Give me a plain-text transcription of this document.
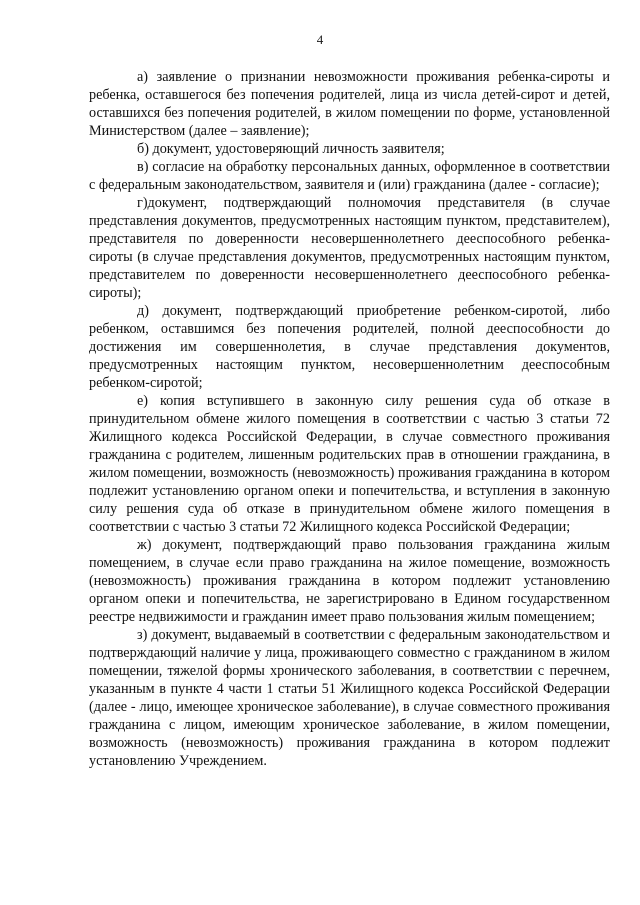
4

а) заявление о признании невозможности проживания ребенка-сироты и ребенка, оставшегося без попечения родителей, лица из числа детей-сирот и детей, оставшихся без попечения родителей, в жилом помещении по форме, установленной Министерством (далее – заявление);

б) документ, удостоверяющий личность заявителя;

в) согласие на обработку персональных данных, оформленное в соответствии с федеральным законодательством, заявителя и (или) гражданина (далее - согласие);

г)документ, подтверждающий полномочия представителя (в случае представления документов, предусмотренных настоящим пунктом, представителем), представителя по доверенности несовершеннолетнего дееспособного ребенка-сироты (в случае представления документов, предусмотренных настоящим пунктом, представителем по доверенности несовершеннолетнего дееспособного ребенка-сироты);

д) документ, подтверждающий приобретение ребенком-сиротой, либо ребенком, оставшимся без попечения родителей, полной дееспособности до достижения им совершеннолетия, в случае представления документов, предусмотренных настоящим пунктом, несовершеннолетним дееспособным ребенком-сиротой;

е) копия вступившего в законную силу решения суда об отказе в принудительном обмене жилого помещения в соответствии с частью 3 статьи 72 Жилищного кодекса Российской Федерации, в случае совместного проживания гражданина с родителем, лишенным родительских прав в отношении гражданина, в жилом помещении, возможность (невозможность) проживания гражданина в котором подлежит установлению органом опеки и попечительства, и вступления в законную силу решения суда об отказе в принудительном обмене жилого помещения в соответствии с частью 3 статьи 72 Жилищного кодекса Российской Федерации;

ж) документ, подтверждающий право пользования гражданина жилым помещением, в случае если право гражданина на жилое помещение, возможность (невозможность) проживания гражданина в котором подлежит установлению органом опеки и попечительства, не зарегистрировано в Едином государственном реестре недвижимости и гражданин имеет право пользования жилым помещением;

з) документ, выдаваемый в соответствии с федеральным законодательством и подтверждающий наличие у лица, проживающего совместно с гражданином в жилом помещении, тяжелой формы хронического заболевания, в соответствии с перечнем, указанным в пункте 4 части 1 статьи 51 Жилищного кодекса Российской Федерации (далее - лицо, имеющее хроническое заболевание), в случае совместного проживания гражданина с лицом, имеющим хроническое заболевание, в жилом помещении, возможность (невозможность) проживания гражданина в котором подлежит установлению Учреждением.
